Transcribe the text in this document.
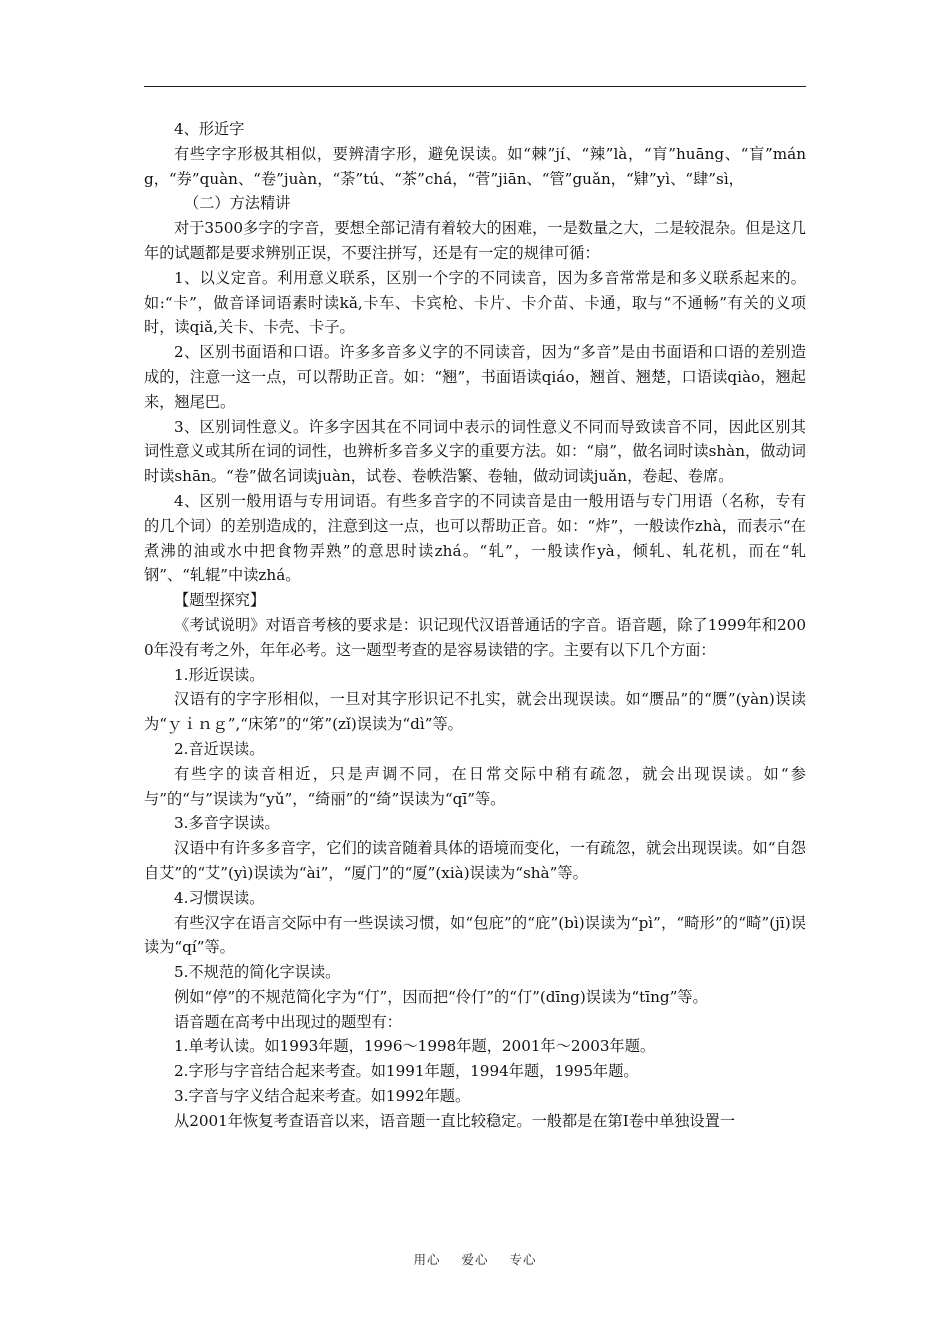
4、形近字

有些字字形极其相似，要辨清字形，避免误读。如“棘”jí、“辣”là，“肓”huāng、“盲”máng，“券”quàn、“卷”juàn，“荼”tú、“茶”chá，“菅”jiān、“管”guǎn，“肄”yì、“肆”sì，

（二）方法精讲

对于3500多字的字音，要想全部记清有着较大的困难，一是数量之大，二是较混杂。但是这几年的试题都是要求辨别正误，不要注拼写，还是有一定的规律可循：

1、以义定音。利用意义联系，区别一个字的不同读音，因为多音常常是和多义联系起来的。如:“卡”，做音译词语素时读kǎ,卡车、卡宾枪、卡片、卡介苗、卡通，取与“不通畅”有关的义项时，读qiǎ,关卡、卡壳、卡子。

2、区别书面语和口语。许多多音多义字的不同读音，因为“多音”是由书面语和口语的差别造成的，注意一这一点，可以帮助正音。如：“翘”，书面语读qiáo，翘首、翘楚，口语读qiào，翘起来，翘尾巴。

3、区别词性意义。许多字因其在不同词中表示的词性意义不同而导致读音不同，因此区别其词性意义或其所在词的词性，也辨析多音多义字的重要方法。如：“扇”，做名词时读shàn，做动词时读shān。“卷”做名词读juàn，试卷、卷帙浩繁、卷轴，做动词读juǎn，卷起、卷席。

4、区别一般用语与专用词语。有些多音字的不同读音是由一般用语与专门用语（名称，专有的几个词）的差别造成的，注意到这一点，也可以帮助正音。如：“炸”，一般读作zhà，而表示“在煮沸的油或水中把食物弄熟”的意思时读zhá。“轧”，一般读作yà，倾轧、轧花机，而在“轧钢”、“轧辊”中读zhá。

【题型探究】

《考试说明》对语音考核的要求是：识记现代汉语普通话的字音。语音题，除了1999年和2000年没有考之外，年年必考。这一题型考查的是容易读错的字。主要有以下几个方面：

1.形近误读。

汉语有的字字形相似，一旦对其字形识记不扎实，就会出现误读。如“赝品”的“赝”(yàn)误读为“ｙｉｎｇ”,“床笫”的“笫”(zǐ)误读为“dì”等。

2.音近误读。

有些字的读音相近，只是声调不同，在日常交际中稍有疏忽，就会出现误读。如“参与”的“与”误读为“yǔ”，“绮丽”的“绮”误读为“qī”等。

3.多音字误读。

汉语中有许多多音字，它们的读音随着具体的语境而变化，一有疏忽，就会出现误读。如“自怨自艾”的“艾”(yì)误读为“ài”，“厦门”的“厦”(xià)误读为“shà”等。

4.习惯误读。

有些汉字在语言交际中有一些误读习惯，如“包庇”的“庇”(bì)误读为“pì”，“畸形”的“畸”(jī)误读为“qí”等。

5.不规范的简化字误读。

例如“停”的不规范简化字为“仃”，因而把“伶仃”的“仃”(dīng)误读为“tīng”等。

语音题在高考中出现过的题型有：

1.单考认读。如1993年题，1996～1998年题，2001年～2003年题。

2.字形与字音结合起来考查。如1991年题，1994年题，1995年题。

3.字音与字义结合起来考查。如1992年题。

从2001年恢复考查语音以来，语音题一直比较稳定。一般都是在第Ⅰ卷中单独设置一

用心 爱心 专心
